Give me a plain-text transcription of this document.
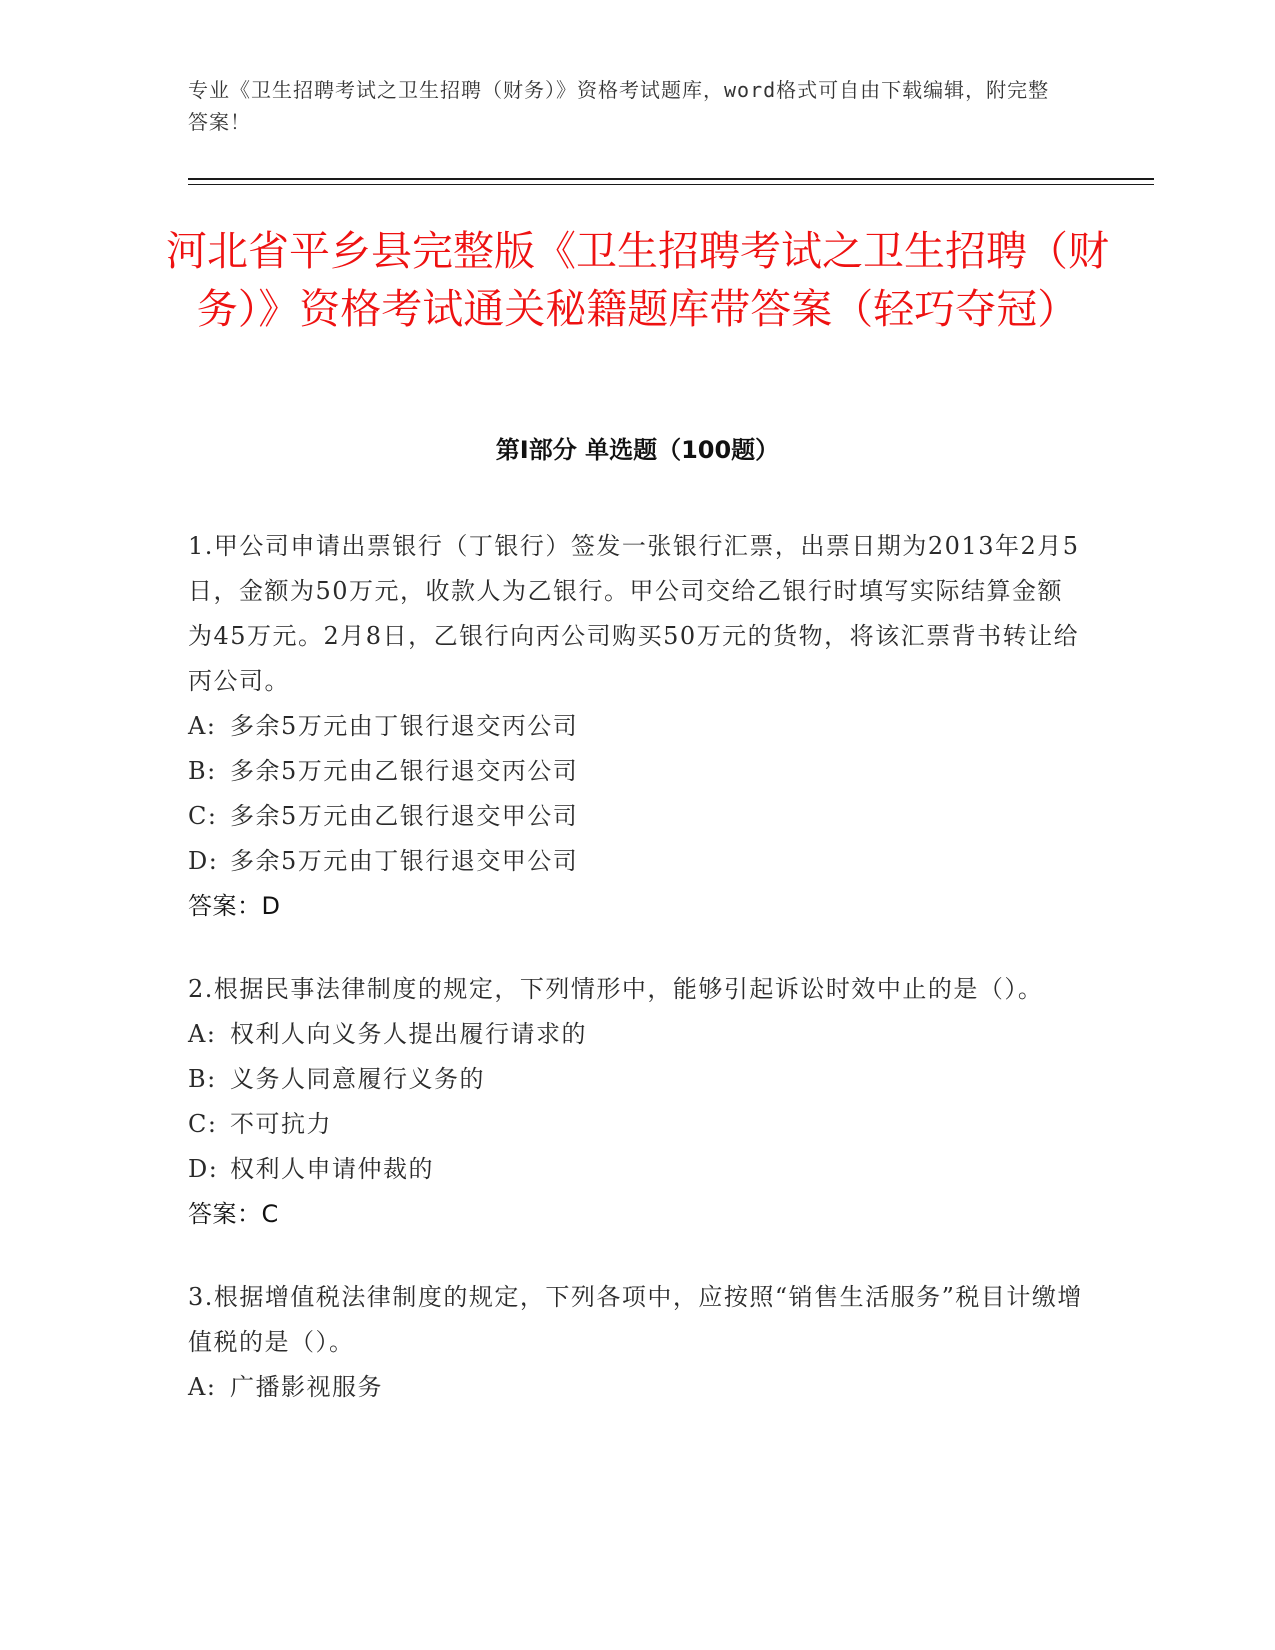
专业《卫生招聘考试之卫生招聘（财务）》资格考试题库，word格式可自由下载编辑，附完整答案！
河北省平乡县完整版《卫生招聘考试之卫生招聘（财务）》资格考试通关秘籍题库带答案（轻巧夺冠）
第Ⅰ部分 单选题（100题）

1.甲公司申请出票银行（丁银行）签发一张银行汇票，出票日期为2013年2月5日，金额为50万元，收款人为乙银行。甲公司交给乙银行时填写实际结算金额为45万元。2月8日，乙银行向丙公司购买50万元的货物，将该汇票背书转让给丙公司。

A: 多余5万元由丁银行退交丙公司

B: 多余5万元由乙银行退交丙公司

C: 多余5万元由乙银行退交甲公司

D: 多余5万元由丁银行退交甲公司

答案：D

2.根据民事法律制度的规定，下列情形中，能够引起诉讼时效中止的是（）。

A: 权利人向义务人提出履行请求的

B: 义务人同意履行义务的

C: 不可抗力

D: 权利人申请仲裁的

答案：C

3.根据增值税法律制度的规定，下列各项中，应按照“销售生活服务”税目计缴增值税的是（）。

A: 广播影视服务
